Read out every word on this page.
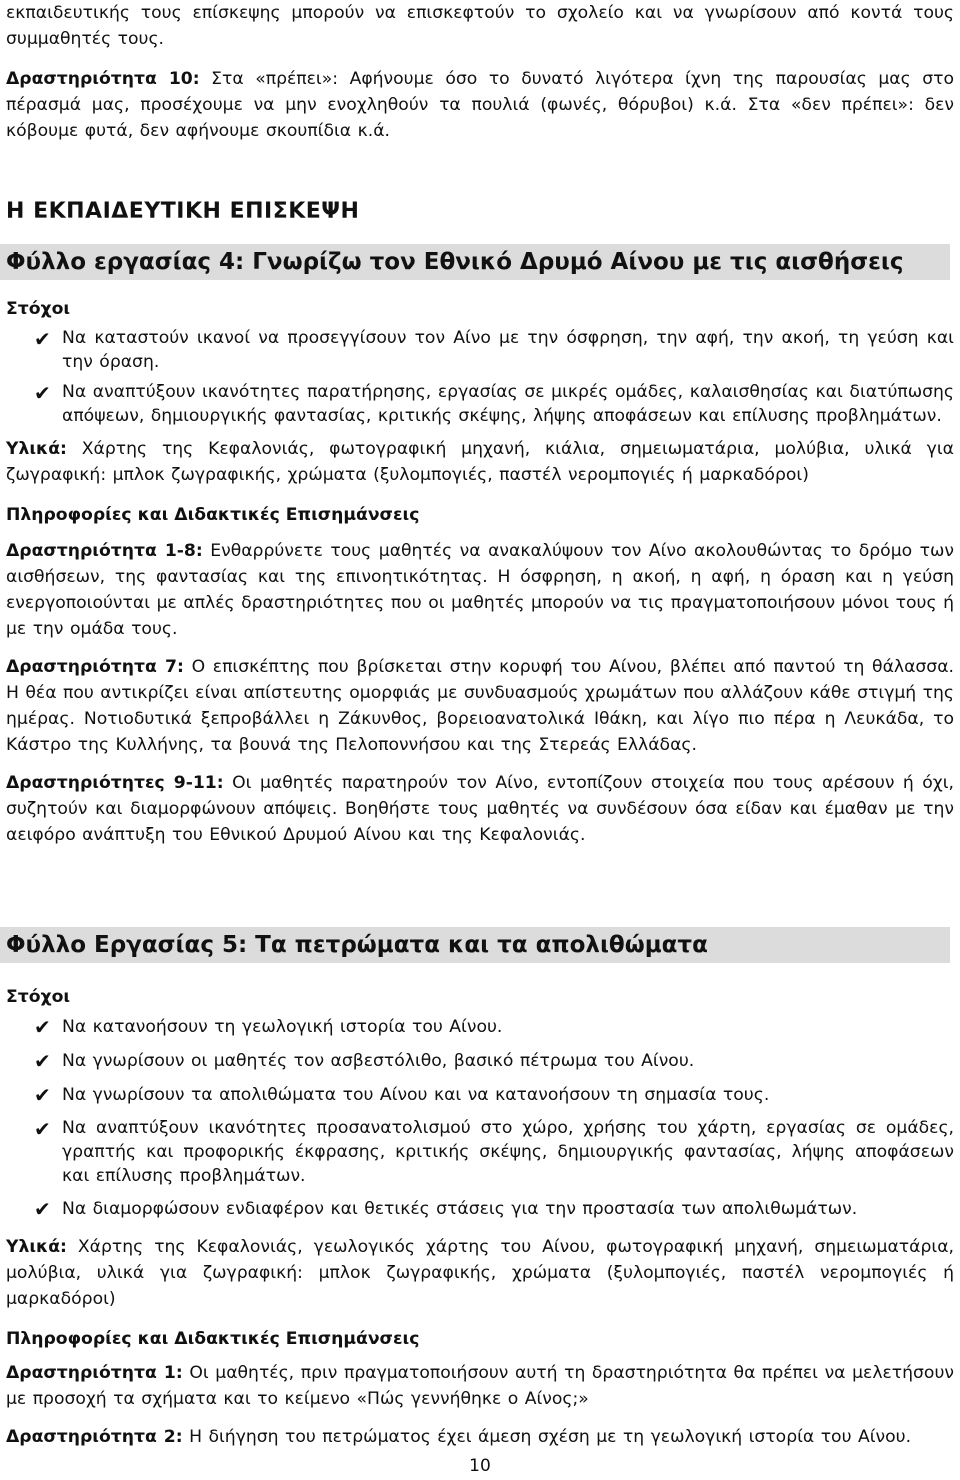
εκπαιδευτικής τους επίσκεψης μπορούν να επισκεφτούν το σχολείο και να γνωρίσουν από κοντά τους συμμαθητές τους.

Δραστηριότητα 10: Στα «πρέπει»: Αφήνουμε όσο το δυνατό λιγότερα ίχνη της παρουσίας μας στο πέρασμά μας, προσέχουμε να μην ενοχληθούν τα πουλιά (φωνές, θόρυβοι) κ.ά. Στα «δεν πρέπει»: δεν κόβουμε φυτά, δεν αφήνουμε σκουπίδια κ.ά.

Η ΕΚΠΑΙΔΕΥΤΙΚΗ ΕΠΙΣΚΕΨΗ
Φύλλο εργασίας 4: Γνωρίζω τον Εθνικό Δρυμό Αίνου με τις αισθήσεις
Στόχοι
✔ Να καταστούν ικανοί να προσεγγίσουν τον Αίνο με την όσφρηση, την αφή, την ακοή, τη γεύση και την όραση.
✔ Να αναπτύξουν ικανότητες παρατήρησης, εργασίας σε μικρές ομάδες, καλαισθησίας και διατύπωσης απόψεων, δημιουργικής φαντασίας, κριτικής σκέψης, λήψης αποφάσεων και επίλυσης προβλημάτων.

Υλικά: Χάρτης της Κεφαλονιάς, φωτογραφική μηχανή, κιάλια, σημειωματάρια, μολύβια, υλικά για ζωγραφική: μπλοκ ζωγραφικής, χρώματα (ξυλομπογιές, παστέλ νερομπογιές ή μαρκαδόροι)

Πληροφορίες και Διδακτικές Επισημάνσεις

Δραστηριότητα 1-8: Ενθαρρύνετε τους μαθητές να ανακαλύψουν τον Αίνο ακολουθώντας το δρόμο των αισθήσεων, της φαντασίας και της επινοητικότητας. Η όσφρηση, η ακοή, η αφή, η όραση και η γεύση ενεργοποιούνται με απλές δραστηριότητες που οι μαθητές μπορούν να τις πραγματοποιήσουν μόνοι τους ή με την ομάδα τους.

Δραστηριότητα 7: Ο επισκέπτης που βρίσκεται στην κορυφή του Αίνου, βλέπει από παντού τη θάλασσα. Η θέα που αντικρίζει είναι απίστευτης ομορφιάς με συνδυασμούς χρωμάτων που αλλάζουν κάθε στιγμή της ημέρας. Νοτιοδυτικά ξεπροβάλλει η Ζάκυνθος, βορειοανατολικά Ιθάκη, και λίγο πιο πέρα η Λευκάδα, το Κάστρο της Κυλλήνης, τα βουνά της Πελοποννήσου και της Στερεάς Ελλάδας.

Δραστηριότητες 9-11: Οι μαθητές παρατηρούν τον Αίνο, εντοπίζουν στοιχεία που τους αρέσουν ή όχι, συζητούν και διαμορφώνουν απόψεις. Βοηθήστε τους μαθητές να συνδέσουν όσα είδαν και έμαθαν με την αειφόρο ανάπτυξη του Εθνικού Δρυμού Αίνου και της Κεφαλονιάς.

Φύλλο Εργασίας 5: Τα πετρώματα και τα απολιθώματα
Στόχοι
✔ Να κατανοήσουν τη γεωλογική ιστορία του Αίνου.
✔ Να γνωρίσουν οι μαθητές τον ασβεστόλιθο, βασικό πέτρωμα του Αίνου.
✔ Να γνωρίσουν τα απολιθώματα του Αίνου και να κατανοήσουν τη σημασία τους.
✔ Να αναπτύξουν ικανότητες προσανατολισμού στο χώρο, χρήσης του χάρτη, εργασίας σε ομάδες, γραπτής και προφορικής έκφρασης, κριτικής σκέψης, δημιουργικής φαντασίας, λήψης αποφάσεων και επίλυσης προβλημάτων.
✔ Να διαμορφώσουν ενδιαφέρον και θετικές στάσεις για την προστασία των απολιθωμάτων.

Υλικά: Χάρτης της Κεφαλονιάς, γεωλογικός χάρτης του Αίνου, φωτογραφική μηχανή, σημειωματάρια, μολύβια, υλικά για ζωγραφική: μπλοκ ζωγραφικής, χρώματα (ξυλομπογιές, παστέλ νερομπογιές ή μαρκαδόροι)

Πληροφορίες και Διδακτικές Επισημάνσεις

Δραστηριότητα 1: Οι μαθητές, πριν πραγματοποιήσουν αυτή τη δραστηριότητα θα πρέπει να μελετήσουν με προσοχή τα σχήματα και το κείμενο «Πώς γεννήθηκε ο Αίνος;»

Δραστηριότητα 2: Η διήγηση του πετρώματος έχει άμεση σχέση με τη γεωλογική ιστορία του Αίνου.

10
